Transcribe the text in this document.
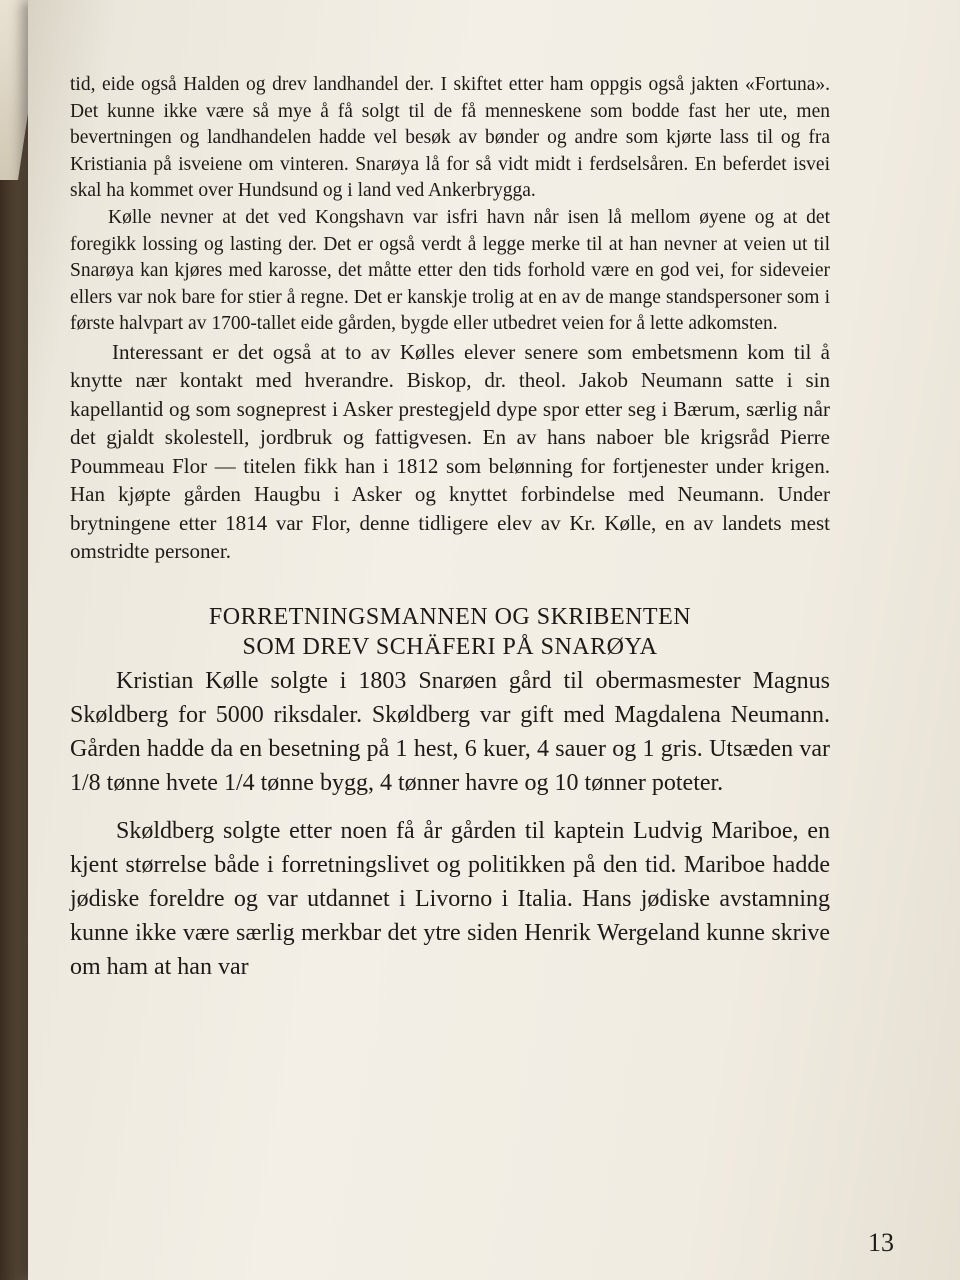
tid, eide også Halden og drev landhandel der. I skiftet etter ham oppgis også jakten «Fortuna». Det kunne ikke være så mye å få solgt til de få menneskene som bodde fast her ute, men bevertningen og landhandelen hadde vel besøk av bønder og andre som kjørte lass til og fra Kristiania på isveiene om vinteren. Snarøya lå for så vidt midt i ferdselsåren. En beferdet isvei skal ha kommet over Hundsund og i land ved Ankerbrygga.

Kølle nevner at det ved Kongshavn var isfri havn når isen lå mellom øyene og at det foregikk lossing og lasting der. Det er også verdt å legge merke til at han nevner at veien ut til Snarøya kan kjøres med karosse, det måtte etter den tids forhold være en god vei, for sideveier ellers var nok bare for stier å regne. Det er kanskje trolig at en av de mange standspersoner som i første halvpart av 1700-tallet eide gården, bygde eller utbedret veien for å lette adkomsten.

Interessant er det også at to av Kølles elever senere som embetsmenn kom til å knytte nær kontakt med hverandre. Biskop, dr. theol. Jakob Neumann satte i sin kapellantid og som sogneprest i Asker prestegjeld dype spor etter seg i Bærum, særlig når det gjaldt skolestell, jordbruk og fattigvesen. En av hans naboer ble krigsråd Pierre Poummeau Flor — titelen fikk han i 1812 som belønning for fortjenester under krigen. Han kjøpte gården Haugbu i Asker og knyttet forbindelse med Neumann. Under brytningene etter 1814 var Flor, denne tidligere elev av Kr. Kølle, en av landets mest omstridte personer.

FORRETNINGSMANNEN OG SKRIBENTEN
SOM DREV SCHÄFERI PÅ SNARØYA

Kristian Kølle solgte i 1803 Snarøen gård til obermasmester Magnus Skøldberg for 5000 riksdaler. Skøldberg var gift med Magdalena Neumann. Gården hadde da en besetning på 1 hest, 6 kuer, 4 sauer og 1 gris. Utsæden var 1/8 tønne hvete 1/4 tønne bygg, 4 tønner havre og 10 tønner poteter.

Skøldberg solgte etter noen få år gården til kaptein Ludvig Mariboe, en kjent størrelse både i forretningslivet og politikken på den tid. Mariboe hadde jødiske foreldre og var utdannet i Livorno i Italia. Hans jødiske avstamning kunne ikke være særlig merkbar det ytre siden Henrik Wergeland kunne skrive om ham at han var

13
